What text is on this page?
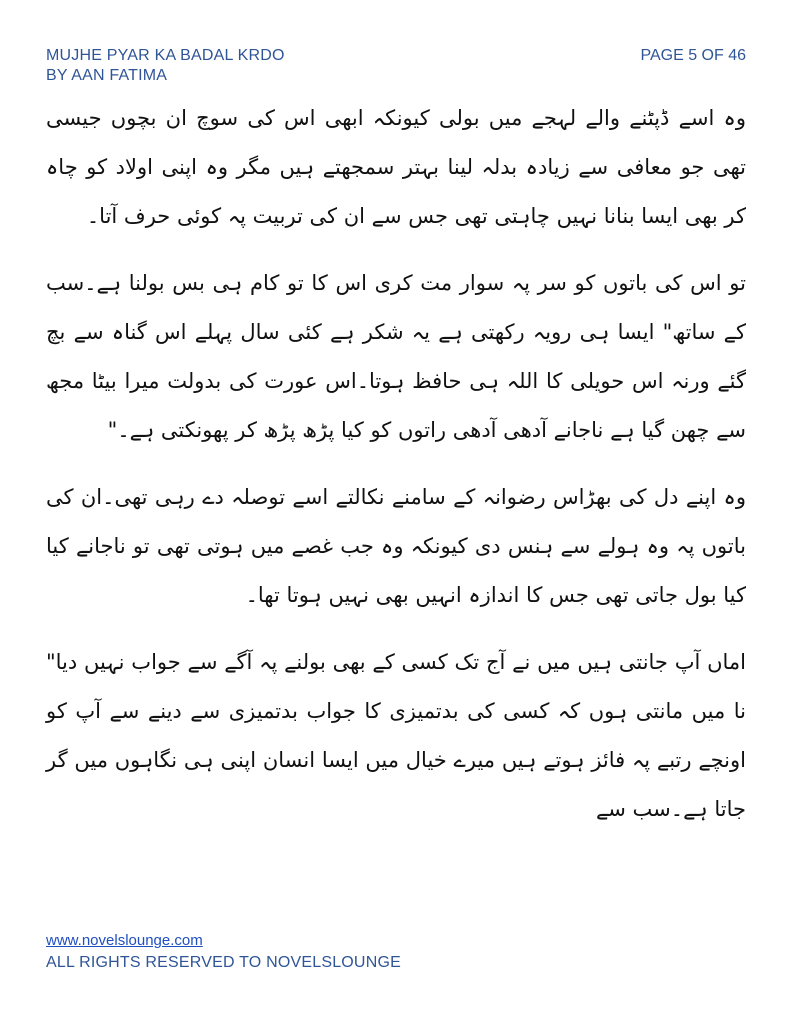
MUJHE PYAR KA BADAL KRDO
BY AAN FATIMA
PAGE 5 OF 46

وہ اسے ڈپٹنے والے لہجے میں بولی کیونکہ ابھی اس کی سوچ ان بچوں جیسی تھی جو معافی سے زیادہ بدلہ لینا بہتر سمجھتے ہیں مگر وہ اپنی اولاد کو چاہ کر بھی ایسا بنانا نہیں چاہتی تھی جس سے ان کی تربیت پہ کوئی حرف آتا۔

تو اس کی باتوں کو سر پہ سوار مت کری اس کا تو کام ہی بس بولنا ہے۔سب کے ساتھ" ایسا ہی رویہ رکھتی ہے یہ شکر ہے کئی سال پہلے اس گناہ سے بچ گئے ورنہ اس حویلی کا اللہ ہی حافظ ہوتا۔اس عورت کی بدولت میرا بیٹا مجھ سے چھن گیا ہے ناجانے آدھی آدھی راتوں کو کیا پڑھ پڑھ کر پھونکتی ہے۔"

وہ اپنے دل کی بھڑاس رضوانہ کے سامنے نکالتے اسے توصلہ دے رہی تھی۔ان کی باتوں پہ وہ ہولے سے ہنس دی کیونکہ وہ جب غصے میں ہوتی تھی تو ناجانے کیا کیا بول جاتی تھی جس کا اندازہ انہیں بھی نہیں ہوتا تھا۔

اماں آپ جانتی ہیں میں نے آج تک کسی کے بھی بولنے پہ آگے سے جواب نہیں دیا" نا میں مانتی ہوں کہ کسی کی بدتمیزی کا جواب بدتمیزی سے دینے سے آپ کو اونچے رتبے پہ فائز ہوتے ہیں میرے خیال میں ایسا انسان اپنی ہی نگاہوں میں گر جاتا ہے۔سب سے

www.novelslounge.com
ALL RIGHTS RESERVED TO NOVELSLOUNGE
